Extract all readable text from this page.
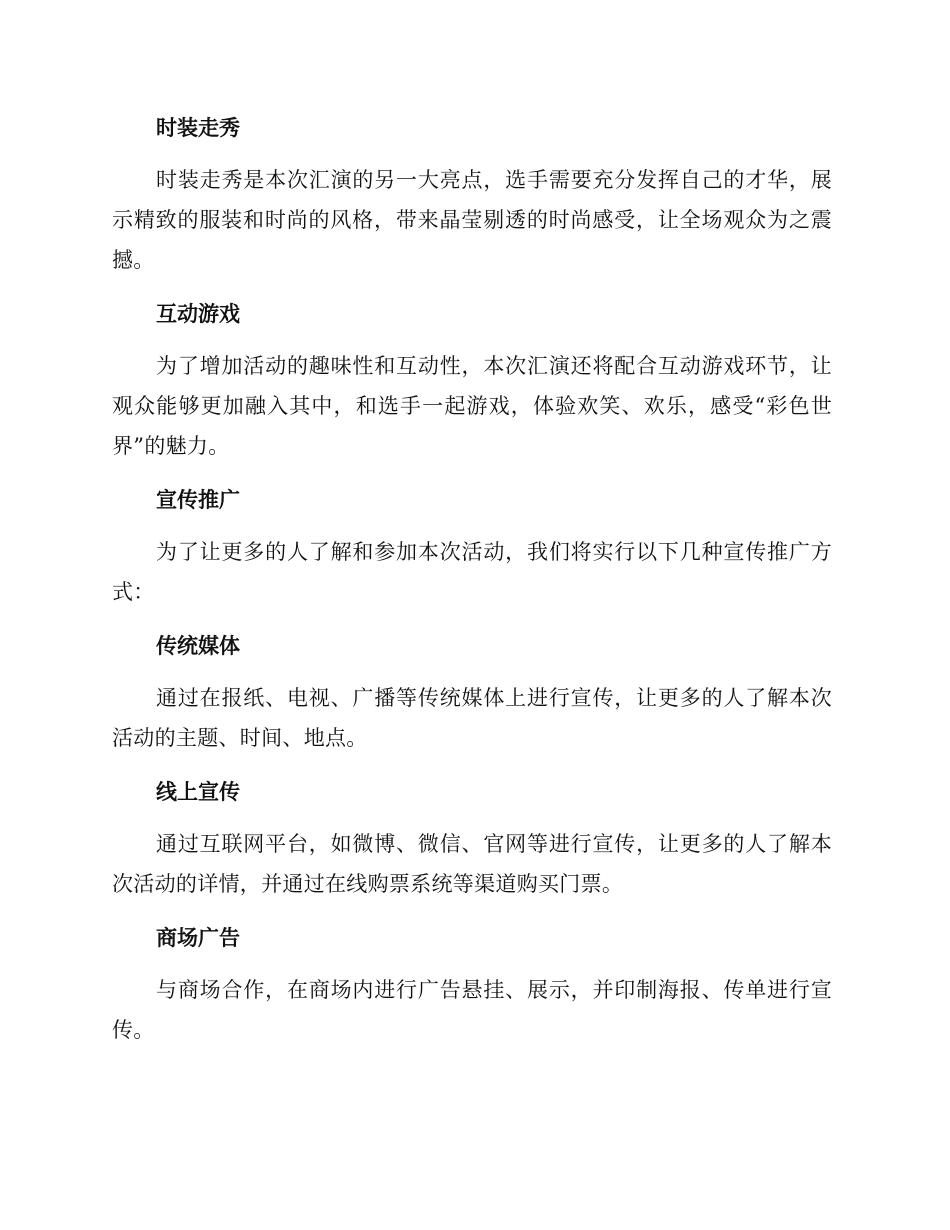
时装走秀

时装走秀是本次汇演的另一大亮点，选手需要充分发挥自己的才华，展示精致的服装和时尚的风格，带来晶莹剔透的时尚感受，让全场观众为之震撼。

互动游戏

为了增加活动的趣味性和互动性，本次汇演还将配合互动游戏环节，让观众能够更加融入其中，和选手一起游戏，体验欢笑、欢乐，感受“彩色世界”的魅力。

宣传推广

为了让更多的人了解和参加本次活动，我们将实行以下几种宣传推广方式：

传统媒体

通过在报纸、电视、广播等传统媒体上进行宣传，让更多的人了解本次活动的主题、时间、地点。

线上宣传

通过互联网平台，如微博、微信、官网等进行宣传，让更多的人了解本次活动的详情，并通过在线购票系统等渠道购买门票。

商场广告

与商场合作，在商场内进行广告悬挂、展示，并印制海报、传单进行宣传。
